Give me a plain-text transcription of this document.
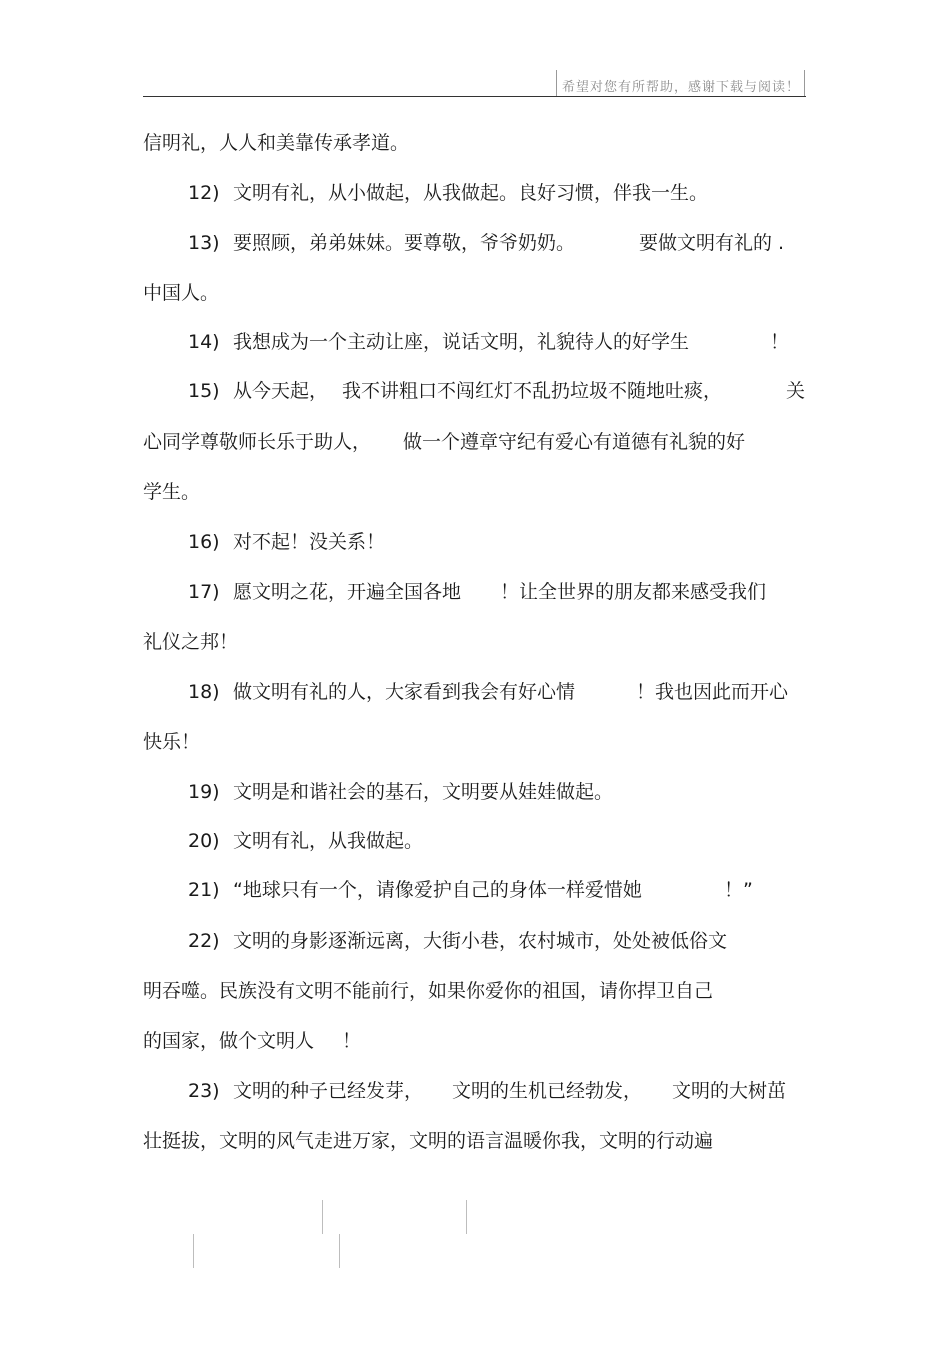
希望对您有所帮助，感谢下载与阅读！
信明礼，人人和美靠传承孝道。
12) 文明有礼，从小做起，从我做起。良好习惯，伴我一生。
13) 要照顾，弟弟妹妹。要尊敬，爷爷奶奶。	要做文明有礼的 .
中国人。
14) 我想成为一个主动让座，说话文明，礼貌待人的好学生	！
15) 从今天起， 我不讲粗口不闯红灯不乱扔垃圾不随地吐痰，	关
心同学尊敬师长乐于助人， 做一个遵章守纪有爱心有道德有礼貌的好
学生。
16) 对不起！没关系！
17) 愿文明之花，开遍全国各地 ！让全世界的朋友都来感受我们
礼仪之邦！
18) 做文明有礼的人，大家看到我会有好心情	！我也因此而开心
快乐！
19) 文明是和谐社会的基石，文明要从娃娃做起。
20) 文明有礼，从我做起。
21) “地球只有一个，请像爱护自己的身体一样爱惜她	！”
22) 文明的身影逐渐远离，大街小巷，农村城市，处处被低俗文
明吞噬。民族没有文明不能前行，如果你爱你的祖国，请你捍卫自己
的国家，做个文明人 ！
23) 文明的种子已经发芽， 文明的生机已经勃发， 文明的大树茁
壮挺拔，文明的风气走进万家，文明的语言温暖你我，文明的行动遍
